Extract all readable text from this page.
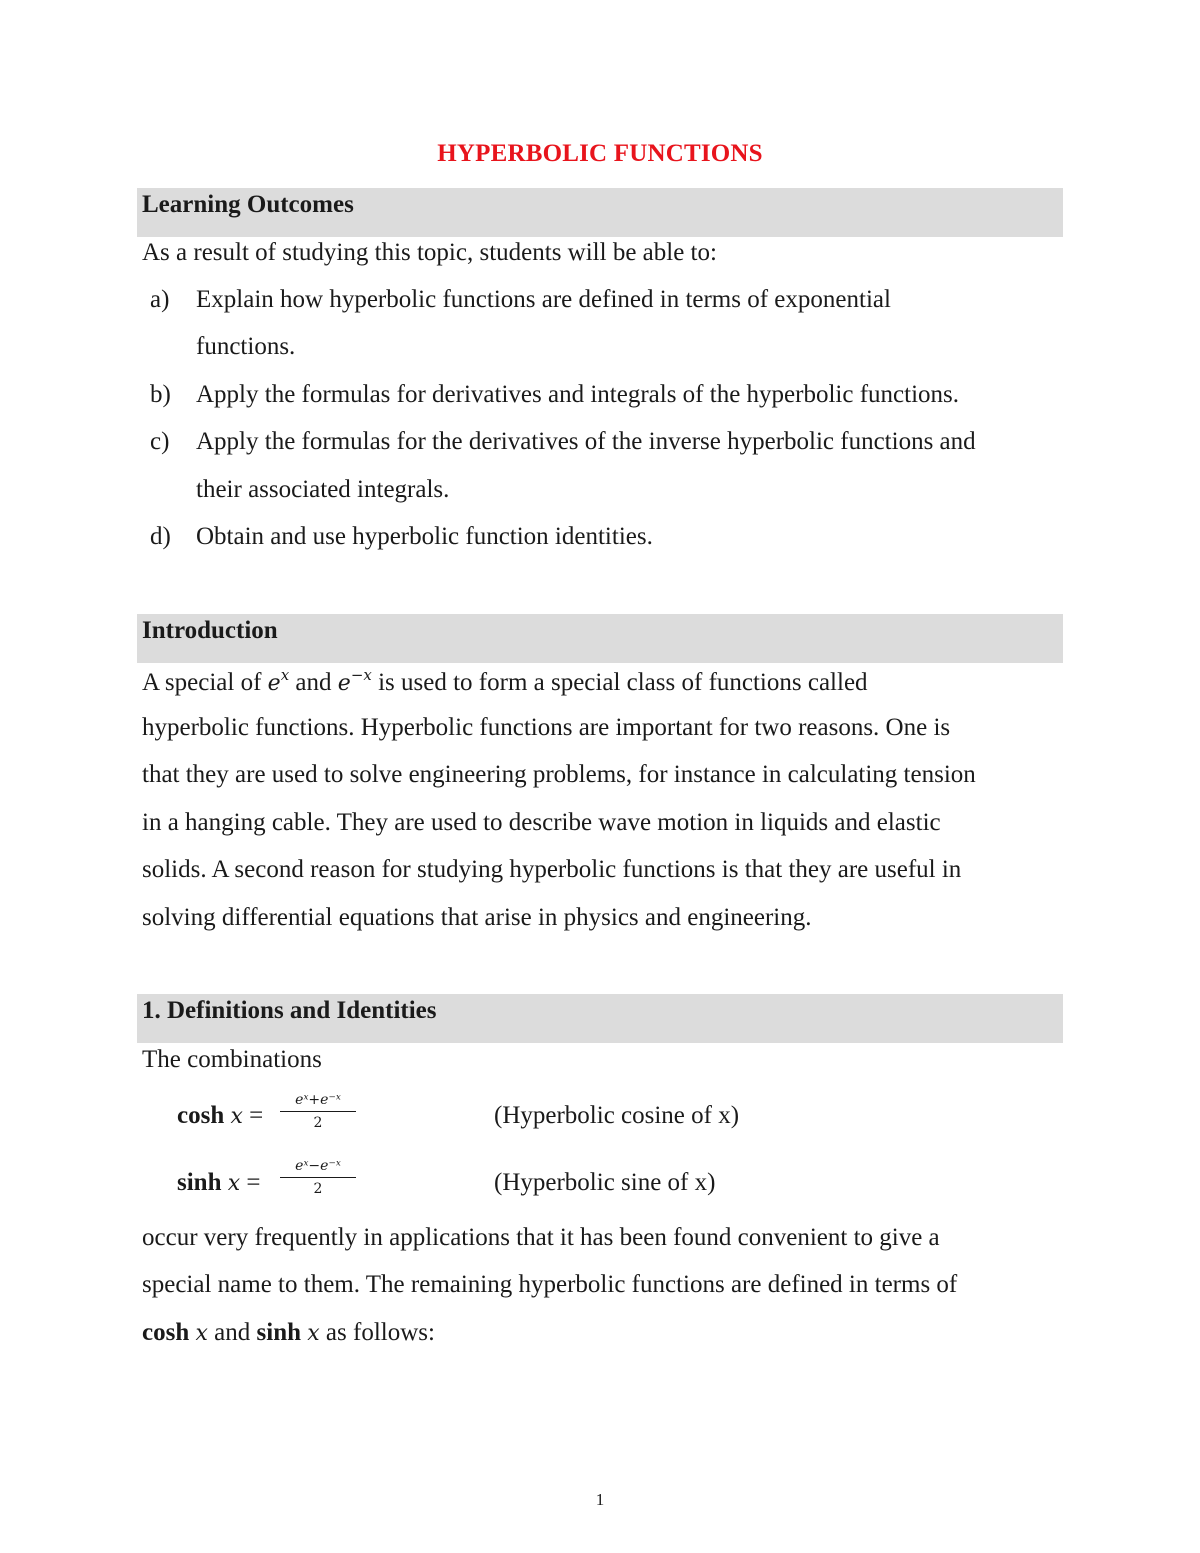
HYPERBOLIC FUNCTIONS
Learning Outcomes
As a result of studying this topic, students will be able to:
a) Explain how hyperbolic functions are defined in terms of exponential
functions.
b) Apply the formulas for derivatives and integrals of the hyperbolic functions.
c) Apply the formulas for the derivatives of the inverse hyperbolic functions and
their associated integrals.
d) Obtain and use hyperbolic function identities.
Introduction
A special of $e^x$ and $e^{-x}$ is used to form a special class of functions called
hyperbolic functions. Hyperbolic functions are important for two reasons. One is
that they are used to solve engineering problems, for instance in calculating tension
in a hanging cable. They are used to describe wave motion in liquids and elastic
solids. A second reason for studying hyperbolic functions is that they are useful in
solving differential equations that arise in physics and engineering.
1. Definitions and Identities
The combinations
cosh x =
eˣ+e⁻ˣ
2	(Hyperbolic cosine of x)
sinh x =
eˣ−e⁻ˣ
2	(Hyperbolic sine of x)
occur very frequently in applications that it has been found convenient to give a
special name to them. The remaining hyperbolic functions are defined in terms of
cosh x and sinh x as follows:
1
